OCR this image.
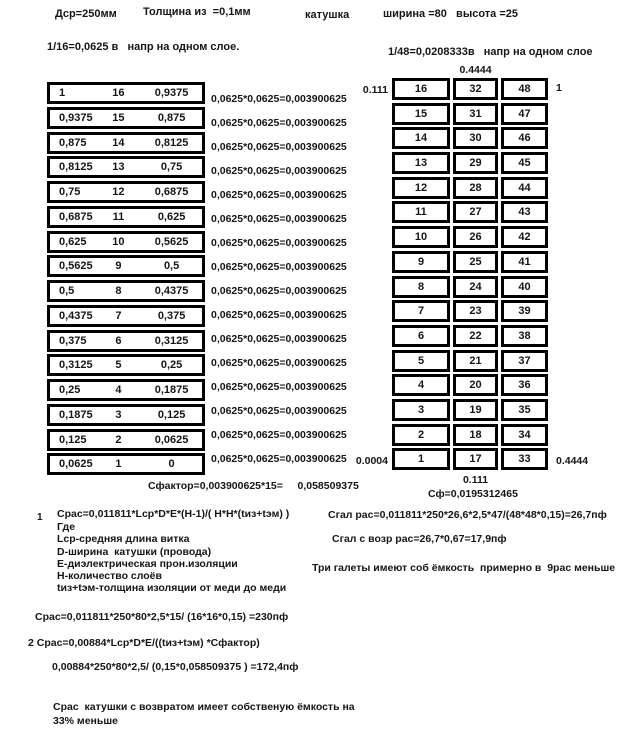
Дср=250мм Толщина из  =0,1мм	катушка	ширина =80   высота =25
1/16=0,0625 в   напр на одном слое.	1/48=0,0208333в   напр на одном слое
1	16	0,9375
0,9375	15	0,875
0,875	14	0,8125
0,8125	13	0,75
0,75	12	0,6875
0,6875	11	0,625
0,625	10	0,5625
0,5625	9	0,5
0,5	8	0,4375
0,4375	7	0,375
0,375	6	0,3125
0,3125	5	0,25
0,25	4	0,1875
0,1875	3	0,125
0,125	2	0,0625
0,0625	1	0
0,0625*0,0625=0,003900625
0,0625*0,0625=0,003900625
0,0625*0,0625=0,003900625
0,0625*0,0625=0,003900625
0,0625*0,0625=0,003900625
0,0625*0,0625=0,003900625
0,0625*0,0625=0,003900625
0,0625*0,0625=0,003900625
0,0625*0,0625=0,003900625
0,0625*0,0625=0,003900625
0,0625*0,0625=0,003900625
0,0625*0,0625=0,003900625
0,0625*0,0625=0,003900625
0,0625*0,0625=0,003900625
0,0625*0,0625=0,003900625
0,0625*0,0625=0,003900625
Сфактор=0,003900625*15=     0,058509375
16	32	48
15	31	47
14	30	46
13	29	45
12	28	44
11	27	43
10	26	42
9	25	41
8	24	40
7	23	39
6	22	38
5	21	37
4	20	36
3	19	35
2	18	34
1	17	33
0.111
0.4444
1
0.0004	0.4444
0.111
Сф=0,0195312465
1 Срас=0,011811*Lcp*D*E*(H-1)/( H*H*(tиз+tэм) )
Где
Lcp-средняя длина витка
D-ширина  катушки (провода)
Е-диэлектрическая прон.изоляции
Н-количество слоёв
tиз+tэм-толщина изоляции от меди до меди
Срас=0,011811*250*80*2,5*15/ (16*16*0,15) =230пф
Сгал рас=0,011811*250*26,6*2,5*47/(48*48*0,15)=26,7пф
Сгал с возр рас=26,7*0,67=17,9пф
Три галеты имеют соб ёмкость  примерно в  9рас меньше
2 Срас=0,00884*Lcp*D*E/((tиз+tэм) *Сфактор)
0,00884*250*80*2,5/ (0,15*0,058509375 ) =172,4пф
Срас  катушки с возвратом имеет собственую ёмкость на
33% меньше
